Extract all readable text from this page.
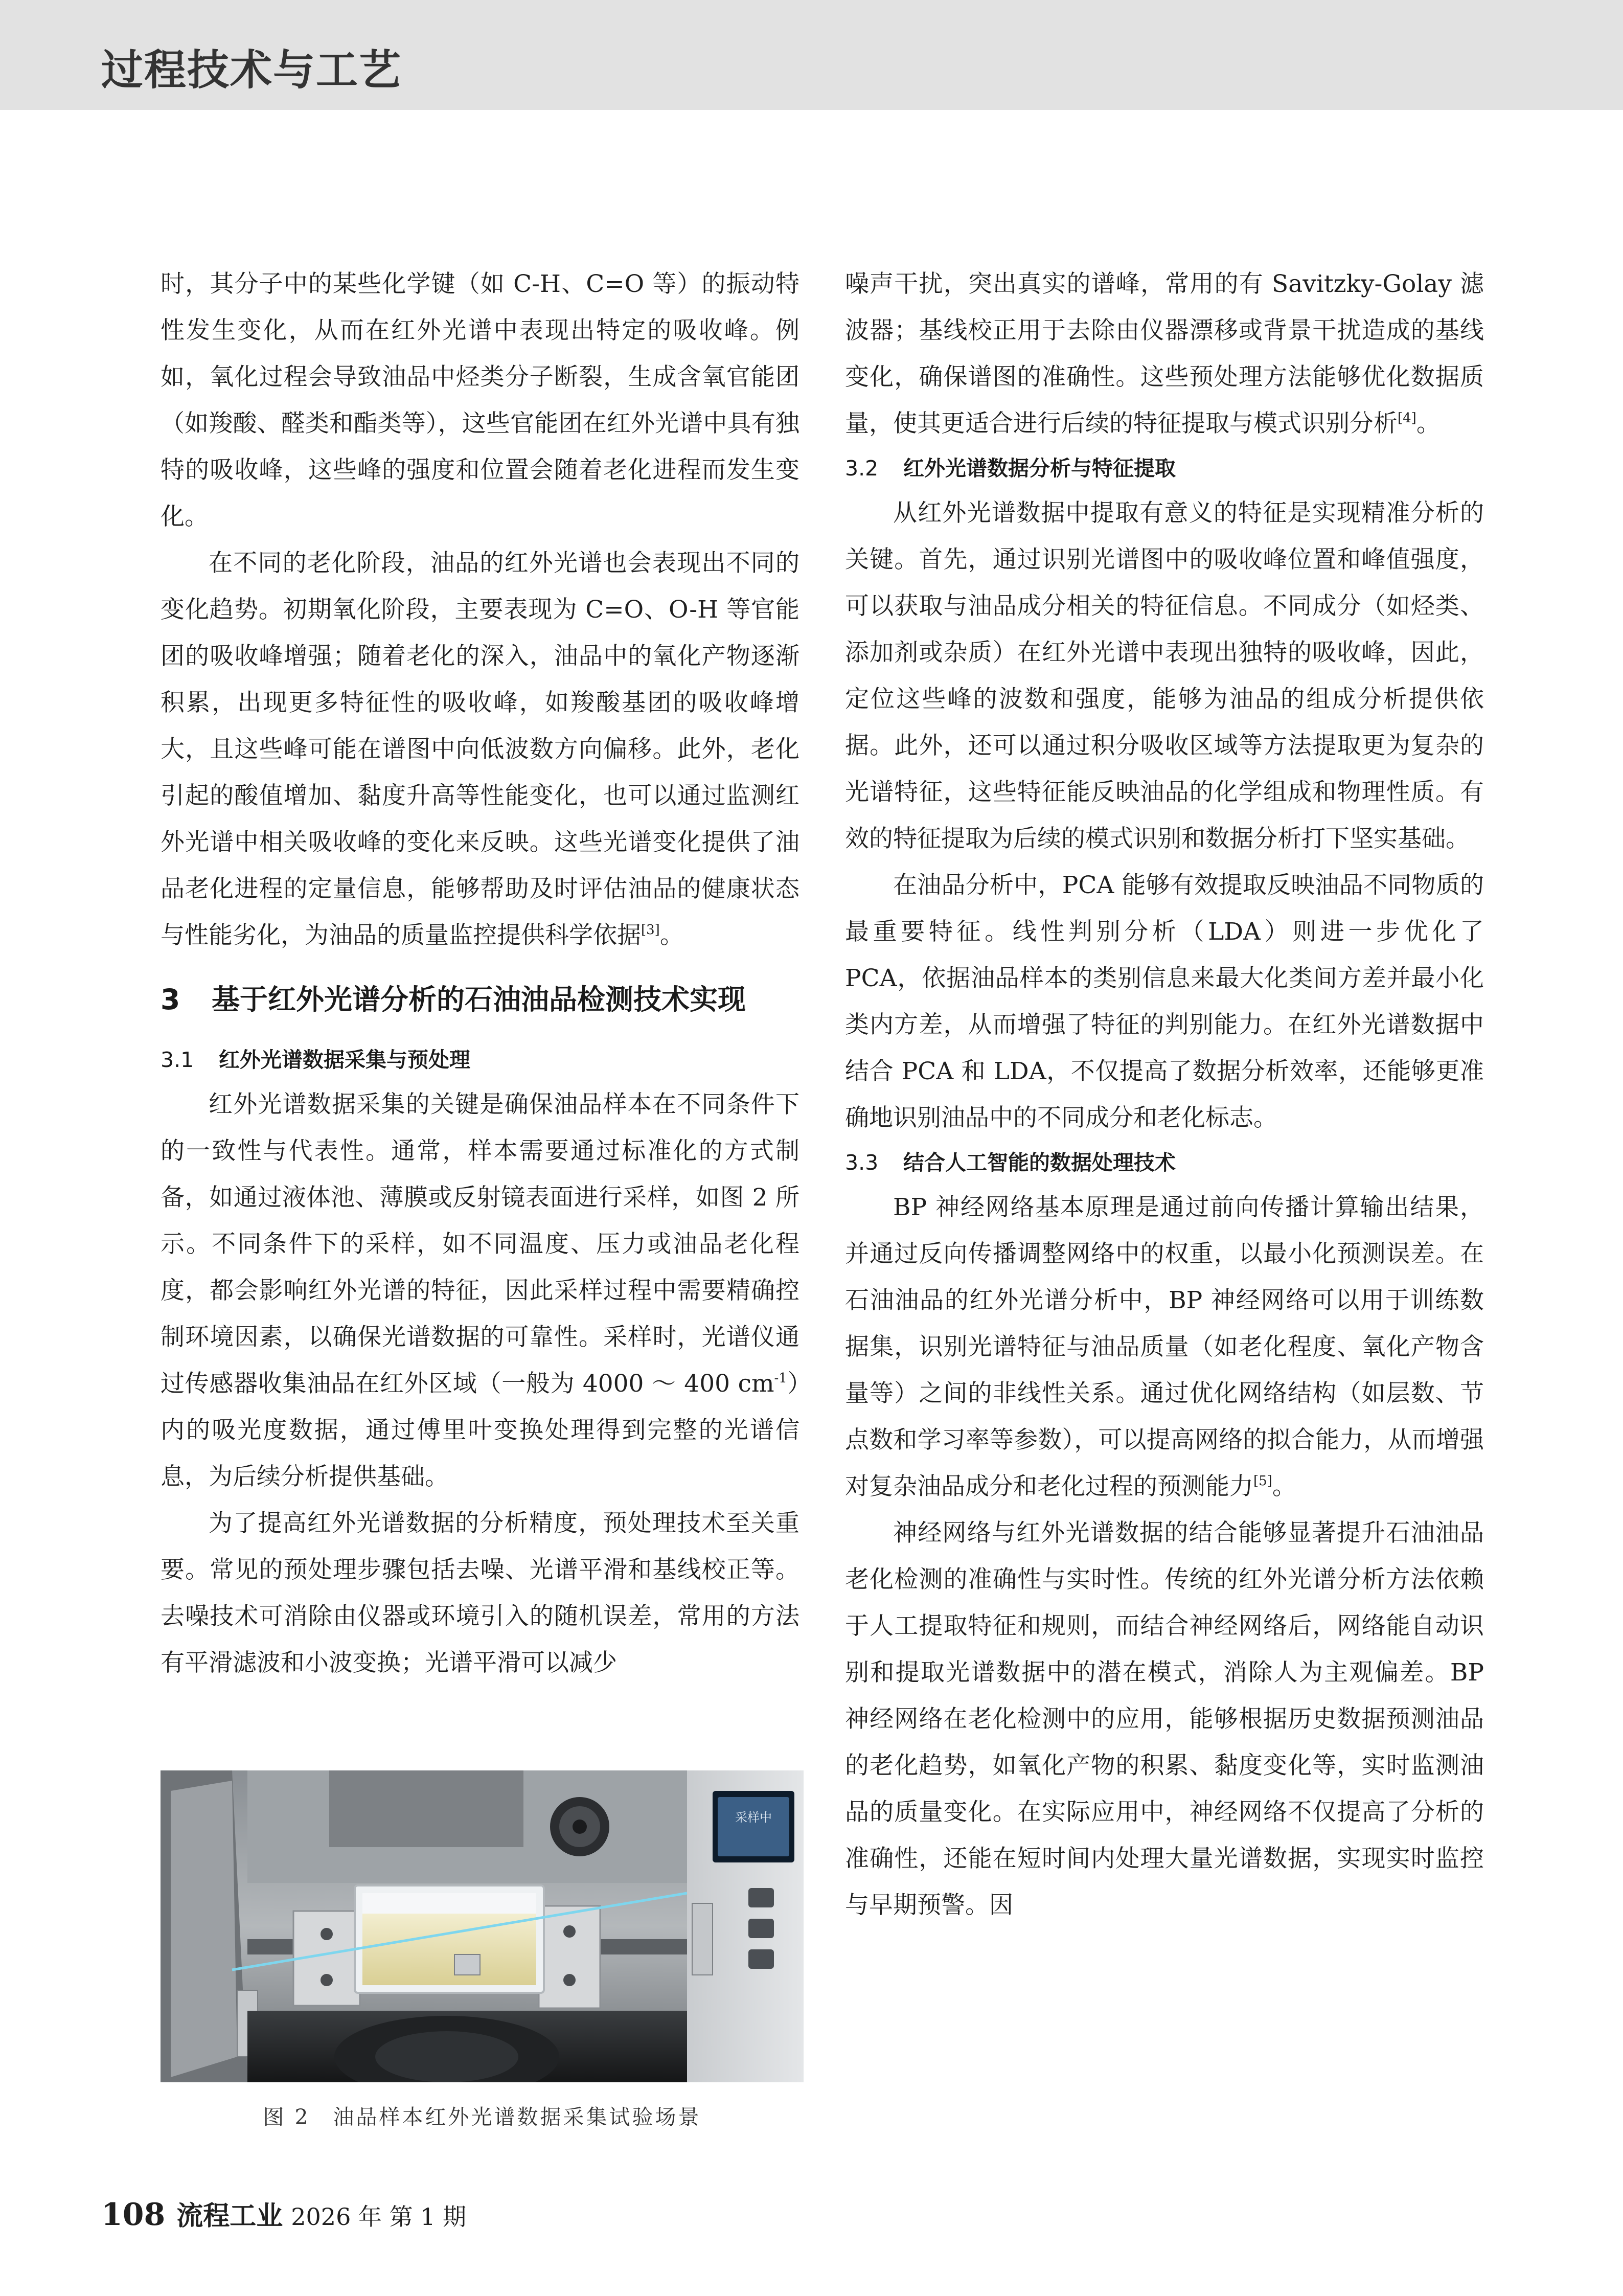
过程技术与工艺

时，其分子中的某些化学键（如 C-H、C=O 等）的振动特性发生变化，从而在红外光谱中表现出特定的吸收峰。例如，氧化过程会导致油品中烃类分子断裂，生成含氧官能团（如羧酸、醛类和酯类等），这些官能团在红外光谱中具有独特的吸收峰，这些峰的强度和位置会随着老化进程而发生变化。

在不同的老化阶段，油品的红外光谱也会表现出不同的变化趋势。初期氧化阶段，主要表现为 C=O、O-H 等官能团的吸收峰增强；随着老化的深入，油品中的氧化产物逐渐积累，出现更多特征性的吸收峰，如羧酸基团的吸收峰增大，且这些峰可能在谱图中向低波数方向偏移。此外，老化引起的酸值增加、黏度升高等性能变化，也可以通过监测红外光谱中相关吸收峰的变化来反映。这些光谱变化提供了油品老化进程的定量信息，能够帮助及时评估油品的健康状态与性能劣化，为油品的质量监控提供科学依据[3]。

3 基于红外光谱分析的石油油品检测技术实现
3.1 红外光谱数据采集与预处理

红外光谱数据采集的关键是确保油品样本在不同条件下的一致性与代表性。通常，样本需要通过标准化的方式制备，如通过液体池、薄膜或反射镜表面进行采样，如图 2 所示。不同条件下的采样，如不同温度、压力或油品老化程度，都会影响红外光谱的特征，因此采样过程中需要精确控制环境因素，以确保光谱数据的可靠性。采样时，光谱仪通过传感器收集油品在红外区域（一般为 4000 ～ 400 $cm^{-1}$）内的吸光度数据，通过傅里叶变换处理得到完整的光谱信息，为后续分析提供基础。

为了提高红外光谱数据的分析精度，预处理技术至关重要。常见的预处理步骤包括去噪、光谱平滑和基线校正等。去噪技术可消除由仪器或环境引入的随机误差，常用的方法有平滑滤波和小波变换；光谱平滑可以减少

采样中
图 2　油品样本红外光谱数据采集试验场景

噪声干扰，突出真实的谱峰，常用的有 Savitzky-Golay 滤波器；基线校正用于去除由仪器漂移或背景干扰造成的基线变化，确保谱图的准确性。这些预处理方法能够优化数据质量，使其更适合进行后续的特征提取与模式识别分析[4]。

3.2 红外光谱数据分析与特征提取

从红外光谱数据中提取有意义的特征是实现精准分析的关键。首先，通过识别光谱图中的吸收峰位置和峰值强度，可以获取与油品成分相关的特征信息。不同成分（如烃类、添加剂或杂质）在红外光谱中表现出独特的吸收峰，因此，定位这些峰的波数和强度，能够为油品的组成分析提供依据。此外，还可以通过积分吸收区域等方法提取更为复杂的光谱特征，这些特征能反映油品的化学组成和物理性质。有效的特征提取为后续的模式识别和数据分析打下坚实基础。

在油品分析中，PCA 能够有效提取反映油品不同物质的最重要特征。线性判别分析（LDA）则进一步优化了 PCA，依据油品样本的类别信息来最大化类间方差并最小化类内方差，从而增强了特征的判别能力。在红外光谱数据中结合 PCA 和 LDA，不仅提高了数据分析效率，还能够更准确地识别油品中的不同成分和老化标志。

3.3 结合人工智能的数据处理技术

BP 神经网络基本原理是通过前向传播计算输出结果，并通过反向传播调整网络中的权重，以最小化预测误差。在石油油品的红外光谱分析中，BP 神经网络可以用于训练数据集，识别光谱特征与油品质量（如老化程度、氧化产物含量等）之间的非线性关系。通过优化网络结构（如层数、节点数和学习率等参数），可以提高网络的拟合能力，从而增强对复杂油品成分和老化过程的预测能力[5]。

神经网络与红外光谱数据的结合能够显著提升石油油品老化检测的准确性与实时性。传统的红外光谱分析方法依赖于人工提取特征和规则，而结合神经网络后，网络能自动识别和提取光谱数据中的潜在模式，消除人为主观偏差。BP 神经网络在老化检测中的应用，能够根据历史数据预测油品的老化趋势，如氧化产物的积累、黏度变化等，实时监测油品的质量变化。在实际应用中，神经网络不仅提高了分析的准确性，还能在短时间内处理大量光谱数据，实现实时监控与早期预警。因

108 流程工业 2026 年 第 1 期
